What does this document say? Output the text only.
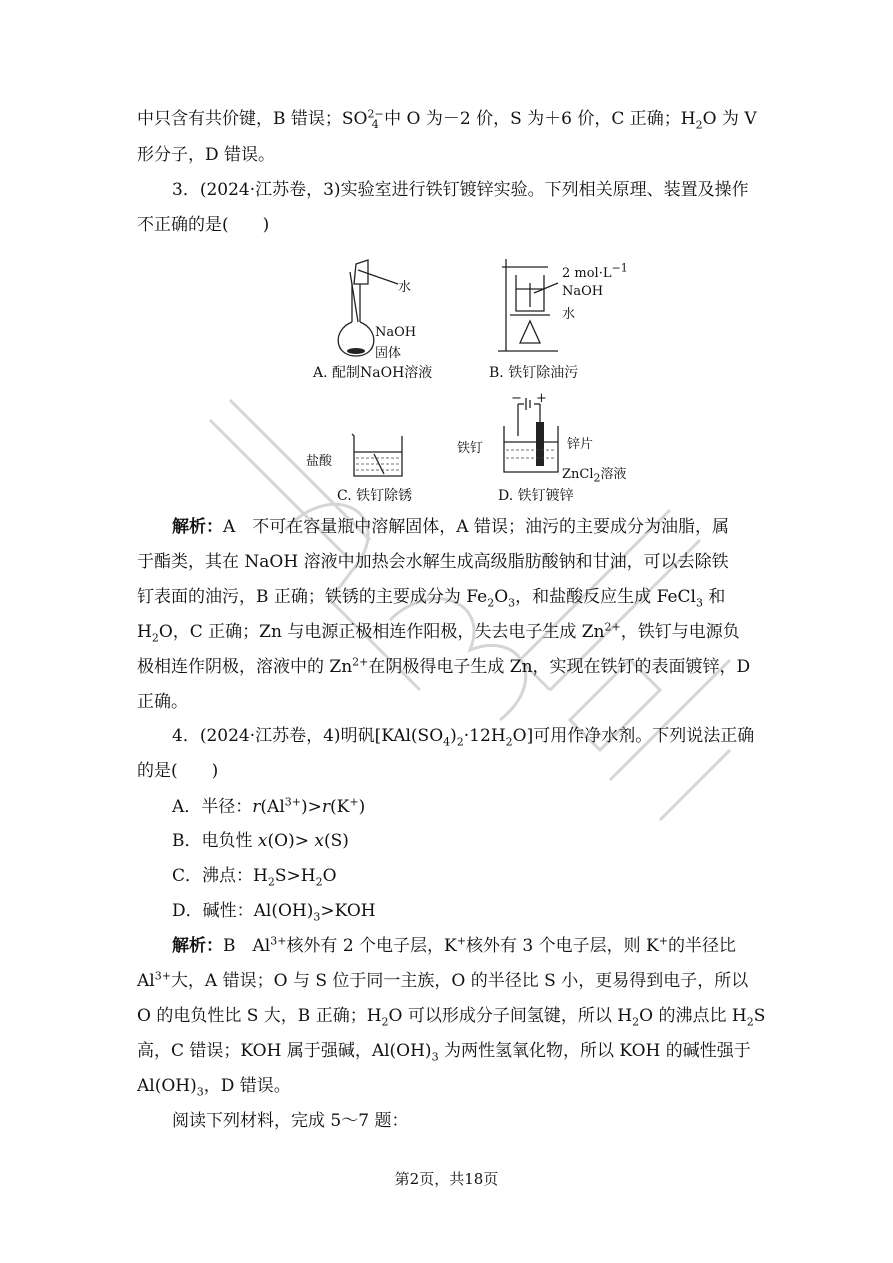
中只含有共价键，B 错误；$SO^{2-}_4$ 中 O 为－2 价，S 为＋6 价，C 正确；$H_2O$ 为 V
形分子，D 错误。
3．(2024·江苏卷，3)实验室进行铁钉镀锌实验。下列相关原理、装置及操作
不正确的是(　　)
水
NaOH
固体
A. 配制NaOH溶液
2 $mol\cdot L^{-1}$
NaOH
水
B. 铁钉除油污
盐酸
C. 铁钉除锈
− +
铁钉	锌片
ZnCl$_2$溶液
D. 铁钉镀锌
解析：A　不可在容量瓶中溶解固体，A 错误；油污的主要成分为油脂，属
于酯类，其在 NaOH 溶液中加热会水解生成高级脂肪酸钠和甘油，可以去除铁
钉表面的油污，B 正确；铁锈的主要成分为 $Fe_2O_3$，和盐酸反应生成 FeCl$_3$ 和
$H_2O$，C 正确；Zn 与电源正极相连作阳极，失去电子生成 $Zn^{2+}$，铁钉与电源负
极相连作阴极，溶液中的 $Zn^{2+}$在阴极得电子生成 Zn，实现在铁钉的表面镀锌，D
正确。
4．(2024·江苏卷，4)明矾$[KAl(SO_4)_2\cdot 12H_2O]$可用作净水剂。下列说法正确
的是(　　)
A．半径：$r(Al^{3+})>r(K^+)$
B．电负性 x(O)> x(S)
C．沸点：$H_2S>H_2O$
D．碱性：$Al(OH)_3>KOH$
解析：B　$Al^{3+}$核外有 2 个电子层，K+核外有 3 个电子层，则 K+的半径比
$Al^{3+}$大，A 错误；O 与 S 位于同一主族，O 的半径比 S 小，更易得到电子，所以
O 的电负性比 S 大，B 正确；$H_2O$ 可以形成分子间氢键，所以 $H_2O$ 的沸点比 $H_2S$
高，C 错误；KOH 属于强碱，$Al(OH)_3$ 为两性氢氧化物，所以 KOH 的碱性强于
$Al(OH)_3$，D 错误。
阅读下列材料，完成 5～7 题：
第2页，共18页
